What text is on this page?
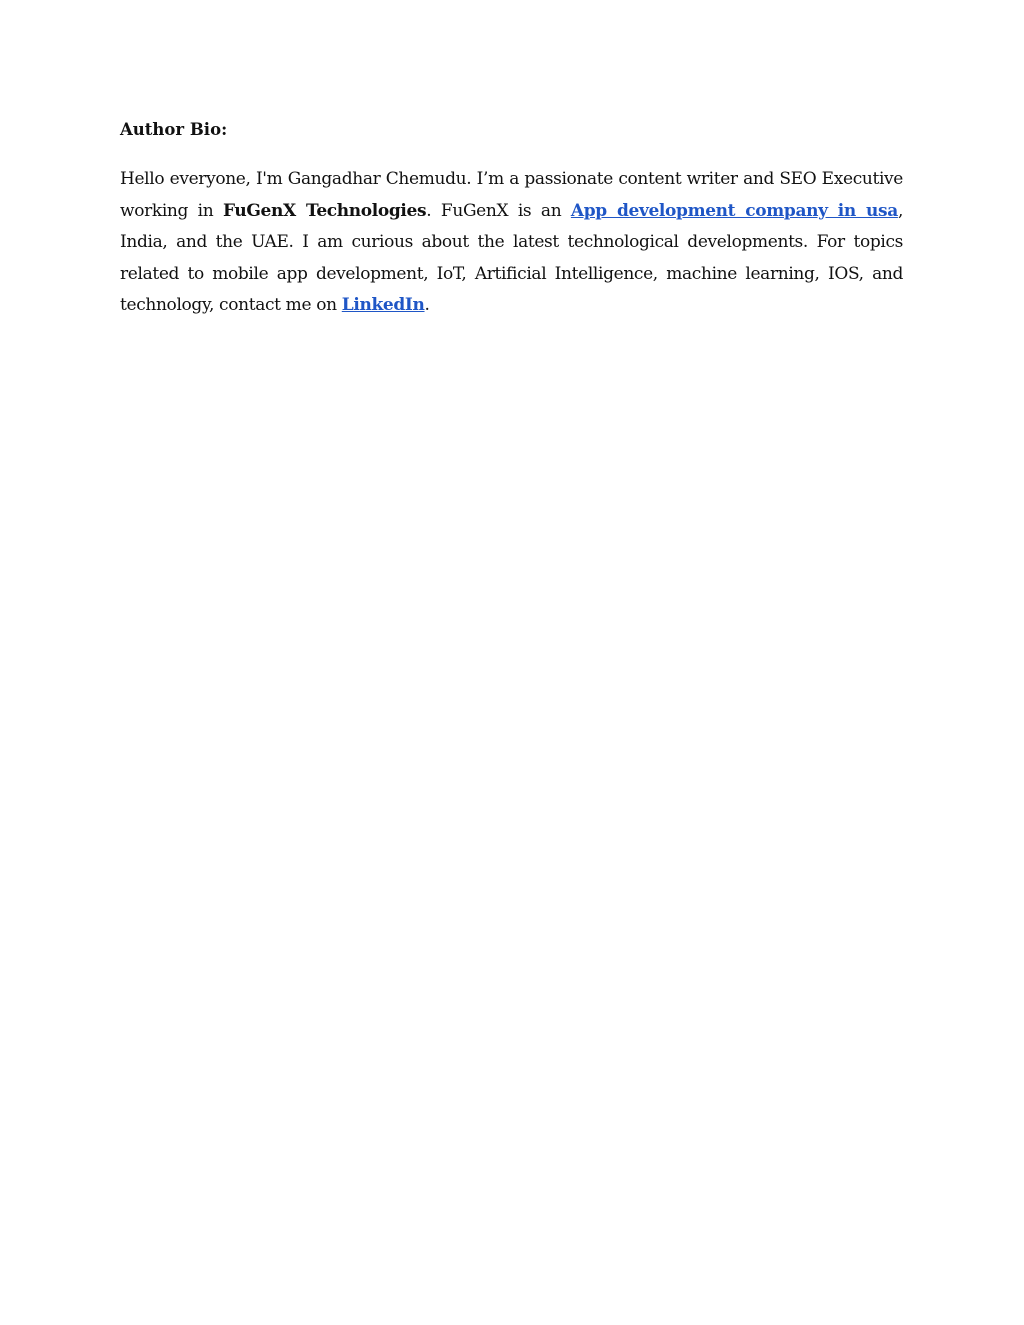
Author Bio:

Hello everyone, I'm Gangadhar Chemudu. I’m a passionate content writer and SEO Executive working in FuGenX Technologies. FuGenX is an App development company in usa, India, and the UAE. I am curious about the latest technological developments. For topics related to mobile app development, IoT, Artificial Intelligence, machine learning, IOS, and technology, contact me on LinkedIn.
